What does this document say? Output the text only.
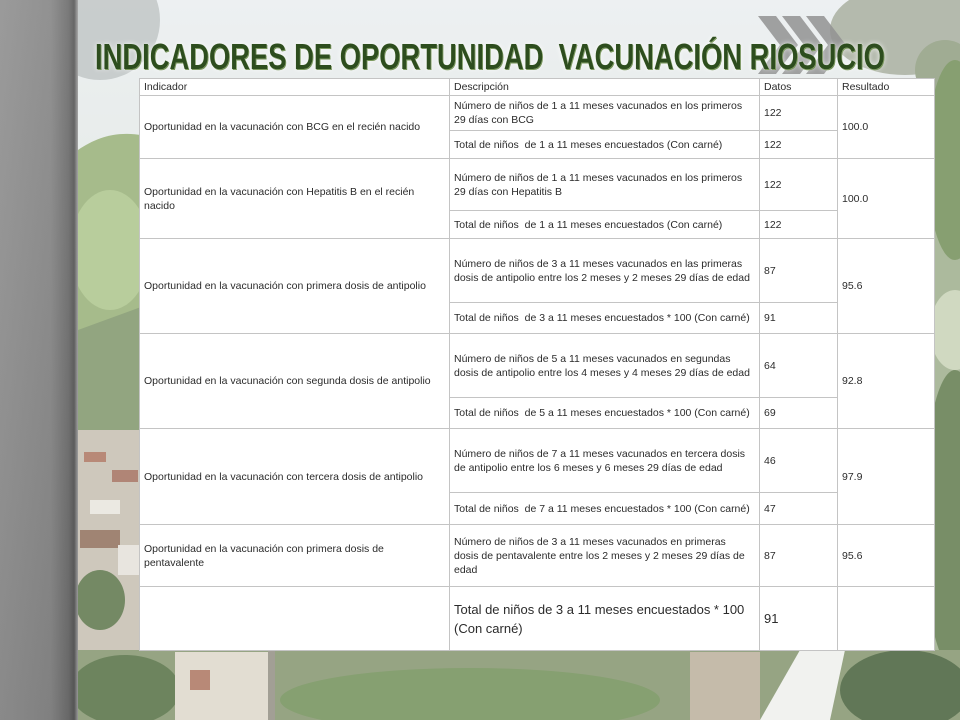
INDICADORES DE OPORTUNIDAD  VACUNACIÓN RIOSUCIO
Indicador	Descripción	Datos	Resultado
Oportunidad en la vacunación con BCG en el recién nacido	Número de niños de 1 a 11 meses vacunados en los primeros 29 días con BCG	122	100.0
	Total de niños  de 1 a 11 meses encuestados (Con carné)	122	
Oportunidad en la vacunación con Hepatitis B en el recién nacido	Número de niños de 1 a 11 meses vacunados en los primeros 29 días con Hepatitis B	122	100.0
	Total de niños  de 1 a 11 meses encuestados (Con carné)	122	
Oportunidad en la vacunación con primera dosis de antipolio	Número de niños de 3 a 11 meses vacunados en las primeras dosis de antipolio entre los 2 meses y 2 meses 29 días de edad	87	95.6
	Total de niños  de 3 a 11 meses encuestados * 100 (Con carné)	91	
Oportunidad en la vacunación con segunda dosis de antipolio	Número de niños de 5 a 11 meses vacunados en segundas dosis de antipolio entre los 4 meses y 4 meses 29 días de edad	64	92.8
	Total de niños  de 5 a 11 meses encuestados * 100 (Con carné)	69	
Oportunidad en la vacunación con tercera dosis de antipolio	Número de niños de 7 a 11 meses vacunados en tercera dosis de antipolio entre los 6 meses y 6 meses 29 días de edad	46	97.9
	Total de niños  de 7 a 11 meses encuestados * 100 (Con carné)	47	
Oportunidad en la vacunación con primera dosis de pentavalente	Número de niños de 3 a 11 meses vacunados en primeras dosis de pentavalente entre los 2 meses y 2 meses 29 días de edad	87	95.6
	Total de niños de 3 a 11 meses encuestados * 100 (Con carné)	91	
